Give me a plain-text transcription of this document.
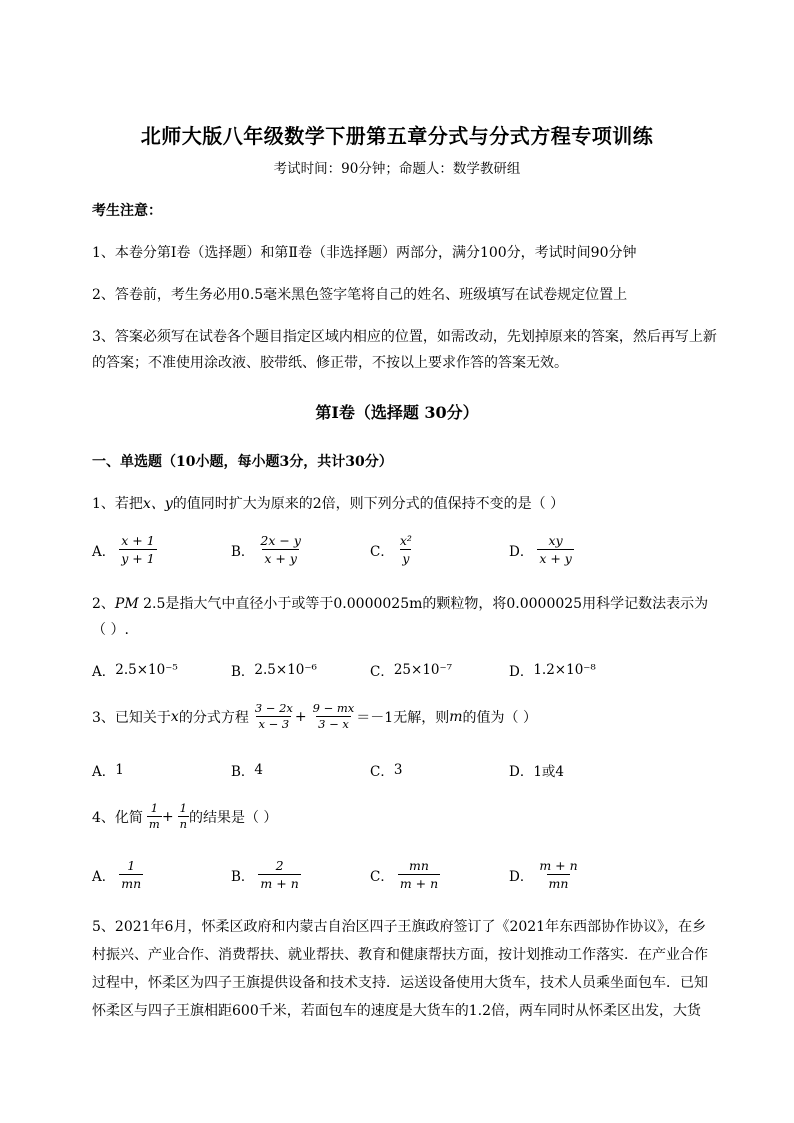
北师大版八年级数学下册第五章分式与分式方程专项训练
考试时间：90分钟；命题人：数学教研组
考生注意：
1、本卷分第I卷（选择题）和第Ⅱ卷（非选择题）两部分，满分100分，考试时间90分钟
2、答卷前，考生务必用0.5毫米黑色签字笔将自己的姓名、班级填写在试卷规定位置上
3、答案必须写在试卷各个题目指定区域内相应的位置，如需改动，先划掉原来的答案，然后再写上新
的答案；不准使用涂改液、胶带纸、修正带，不按以上要求作答的答案无效。
第I卷（选择题 30分）
一、单选题（10小题，每小题3分，共计30分）
1、若把x、y的值同时扩大为原来的2倍，则下列分式的值保持不变的是（ ）
A． $\frac{x + 1}{y + 1}$	B． $\frac{2x - y}{x + y}$	C． $\frac{\text{x²}}{y}$	D． $\frac{xy}{x + y}$
2、PM 2.5是指大气中直径小于或等于0.0000025m的颗粒物，将0.0000025用科学记数法表示为
（ ）.
A． 2.5×10⁻⁵	B． 2.5×10⁻⁶	C． 25×10⁻⁷	D． 1.2×10⁻⁸
3、已知关于 x 的分式方程 $\frac{3 - 2x}{x - 3} + \frac{9 - mx}{3 - x} =-1$无解，则 m 的值为（ ）
A． 1	B． 4	C． 3	D． 1或4
4、化简 $\frac{1}{m} + \frac{1}{n}$ 的结果是（ ）
A． $\frac{1}{mn}$	B． $\frac{2}{m + n}$	C． $\frac{mn}{m + n}$	D． $\frac{m + n}{mn}$
5、2021年6月，怀柔区政府和内蒙古自治区四子王旗政府签订了《2021年东西部协作协议》，在乡
村振兴、产业合作、消费帮扶、就业帮扶、教育和健康帮扶方面，按计划推动工作落实．在产业合作
过程中，怀柔区为四子王旗提供设备和技术支持．运送设备使用大货车，技术人员乘坐面包车．已知
怀柔区与四子王旗相距600千米，若面包车的速度是大货车的1.2倍，两车同时从怀柔区出发，大货
